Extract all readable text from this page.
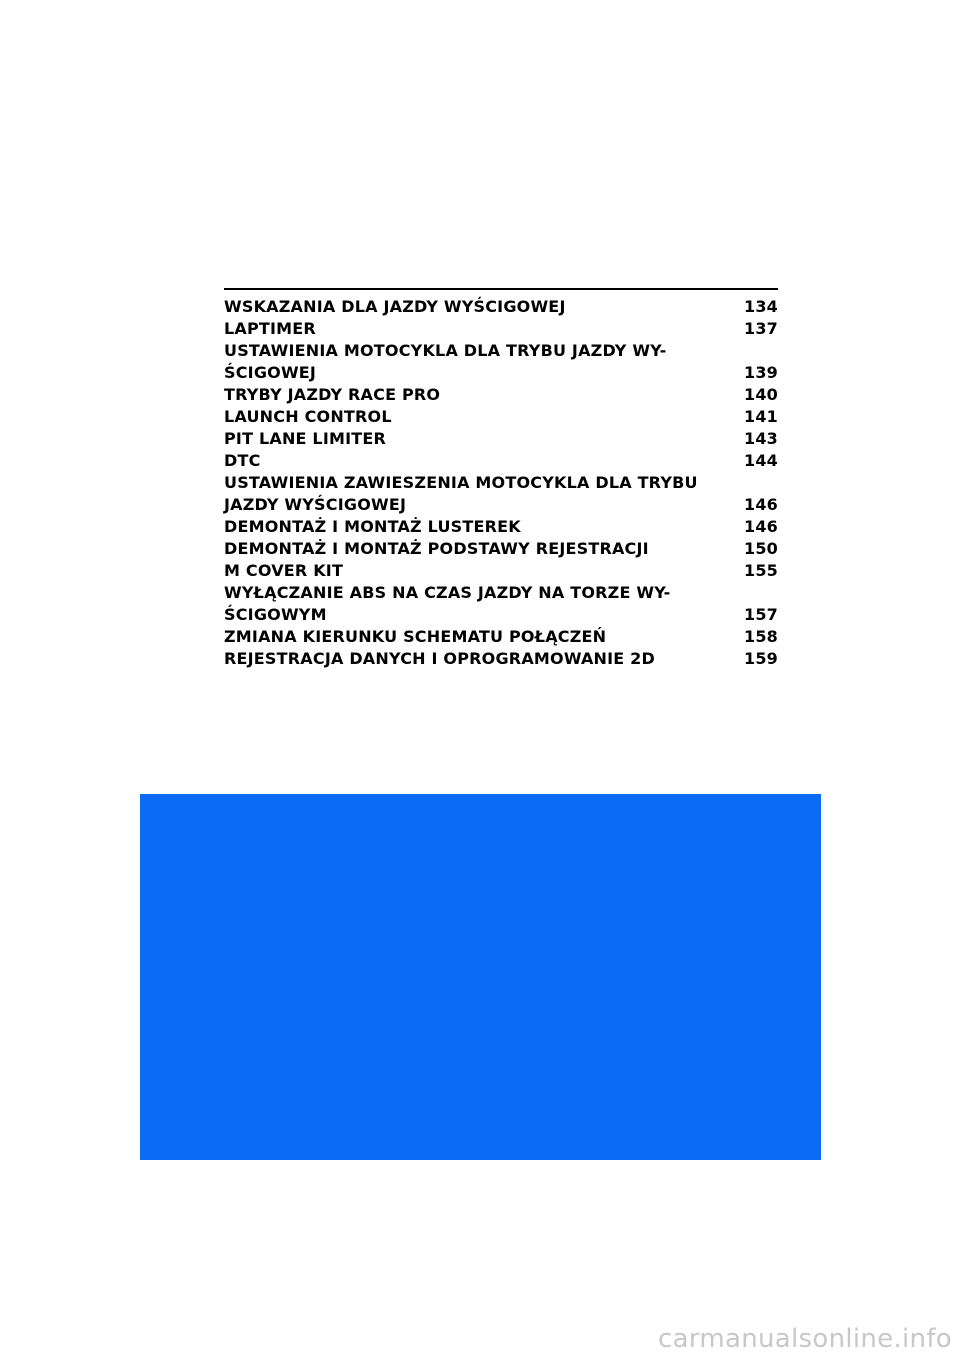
WSKAZANIA DLA JAZDY WYŚCIGOWEJ	134
LAPTIMER	137
USTAWIENIA MOTOCYKLA DLA TRYBU JAZDY WY-
ŚCIGOWEJ	139
TRYBY JAZDY RACE PRO	140
LAUNCH CONTROL	141
PIT LANE LIMITER	143
DTC	144
USTAWIENIA ZAWIESZENIA MOTOCYKLA DLA TRYBU
JAZDY WYŚCIGOWEJ	146
DEMONTAŻ I MONTAŻ LUSTEREK	146
DEMONTAŻ I MONTAŻ PODSTAWY REJESTRACJI	150
M COVER KIT	155
WYŁĄCZANIE ABS NA CZAS JAZDY NA TORZE WY-
ŚCIGOWYM	157
ZMIANA KIERUNKU SCHEMATU POŁĄCZEŃ	158
REJESTRACJA DANYCH I OPROGRAMOWANIE 2D	159
carmanualsonline.info
